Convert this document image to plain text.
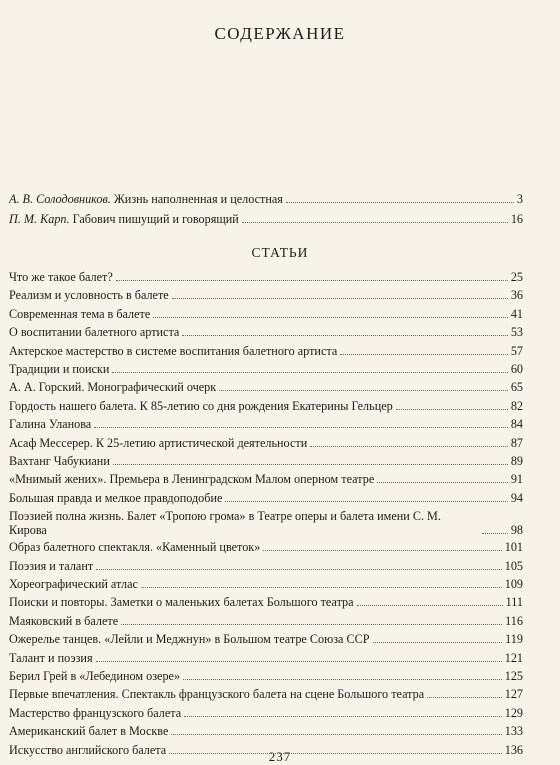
СОДЕРЖАНИЕ
А. В. Солодовников. Жизнь наполненная и целостная	3
П. М. Карп. Габович пишущий и говорящий	16
СТАТЬИ
Что же такое балет?	25
Реализм и условность в балете	36
Современная тема в балете	41
О воспитании балетного артиста	53
Актерское мастерство в системе воспитания балетного артиста	57
Традиции и поиски	60
А. А. Горский. Монографический очерк	65
Гордость нашего балета. К 85-летию со дня рождения Екатерины Гельцер	82
Галина Уланова	84
Асаф Мессерер. К 25-летию артистической деятельности	87
Вахтанг Чабукиани	89
«Мнимый жених». Премьера в Ленинградском Малом оперном театре	91
Большая правда и мелкое правдоподобие	94
Поэзией полна жизнь. Балет «Тропою грома» в Театре оперы и балета имени С. М. Кирова	98
Образ балетного спектакля. «Каменный цветок»	101
Поэзия и талант	105
Хореографический атлас	109
Поиски и повторы. Заметки о маленьких балетах Большого театра	111
Маяковский в балете	116
Ожерелье танцев. «Лейли и Меджнун» в Большом театре Союза ССР	119
Талант и поэзия	121
Берил Грей в «Лебедином озере»	125
Первые впечатления. Спектакль французского балета на сцене Большого театра	127
Мастерство французского балета	129
Американский балет в Москве	133
237
Искусство английского балета	136
